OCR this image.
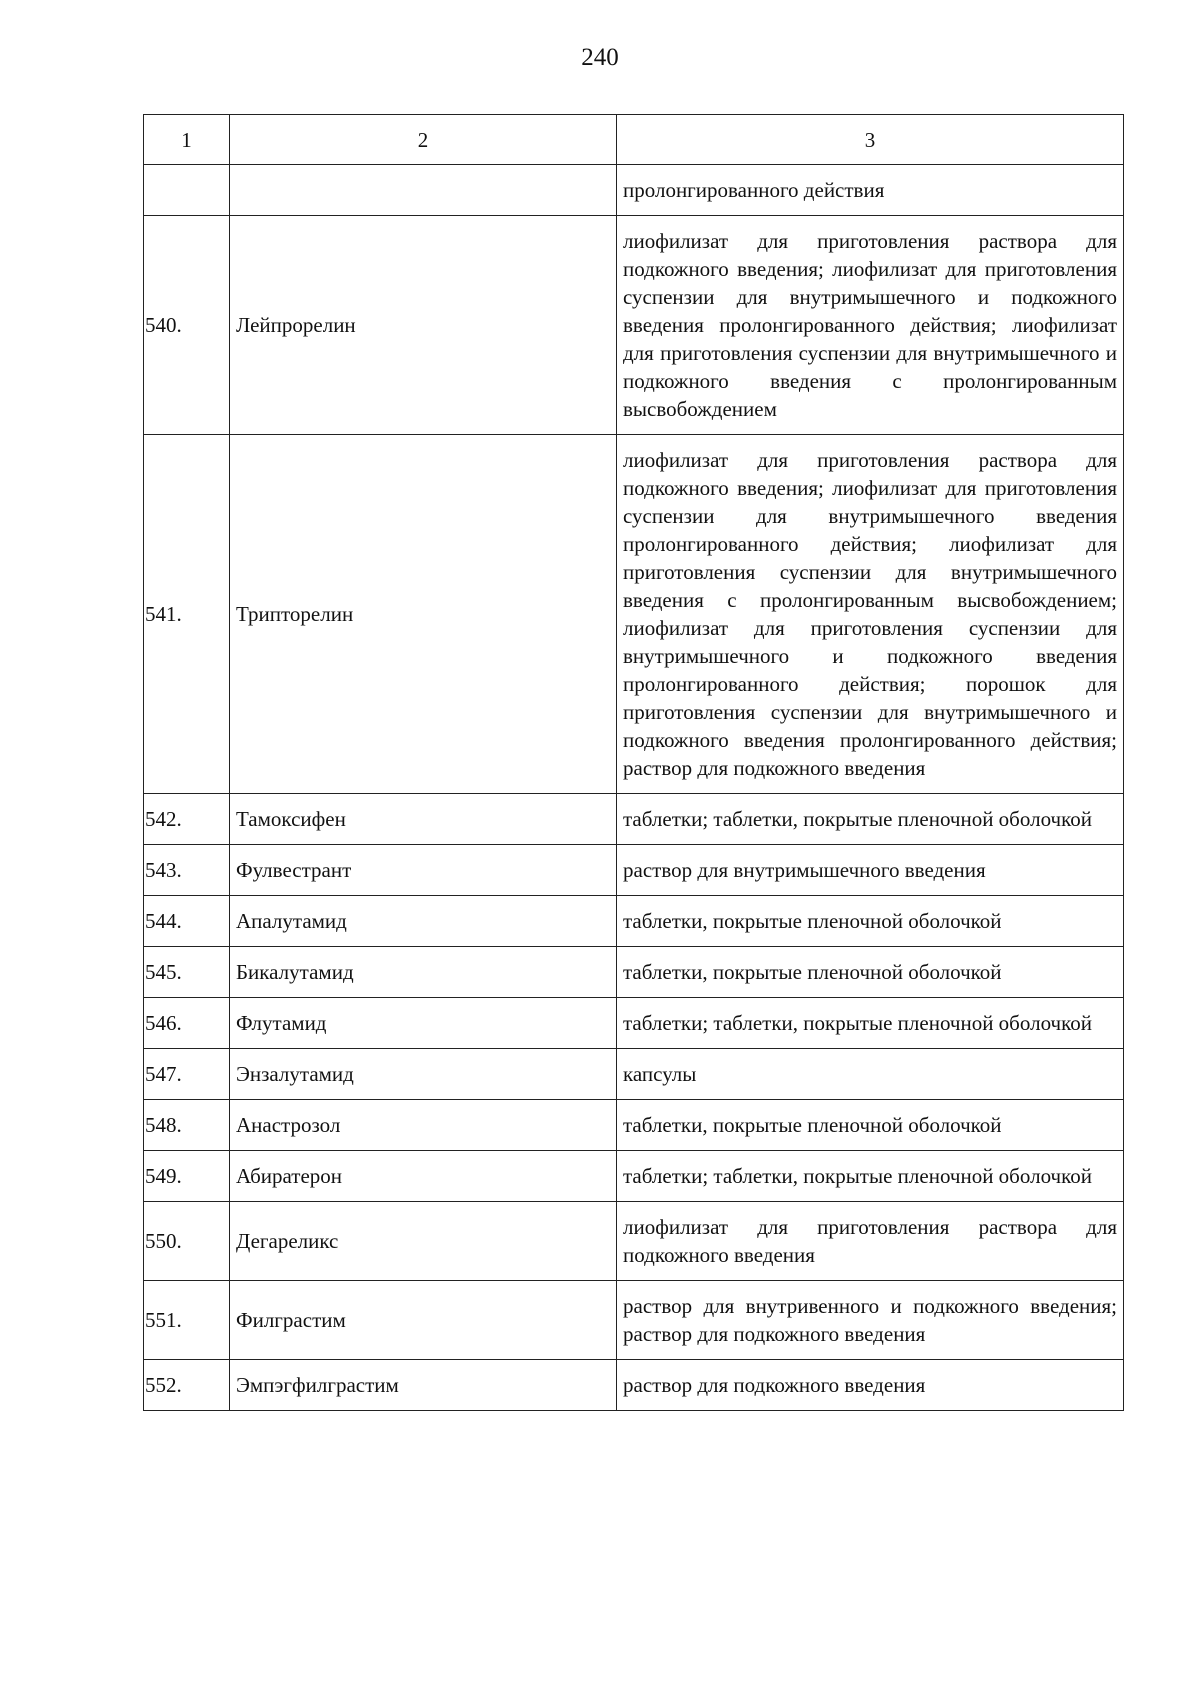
240
1	2	3
		пролонгированного действия
540.	Лейпрорелин	лиофилизат для приготовления раствора для подкожного введения; лиофилизат для приготовления суспензии для внутримышечного и подкожного введения пролонгированного действия; лиофилизат для приготовления суспензии для внутримышечного и подкожного введения с пролонгированным высвобождением
541.	Трипторелин	лиофилизат для приготовления раствора для подкожного введения; лиофилизат для приготовления суспензии для внутримышечного введения пролонгированного действия; лиофилизат для приготовления суспензии для внутримышечного введения с пролонгированным высвобождением; лиофилизат для приготовления суспензии для внутримышечного и подкожного введения пролонгированного действия; порошок для приготовления суспензии для внутримышечного и подкожного введения пролонгированного действия; раствор для подкожного введения
542.	Тамоксифен	таблетки; таблетки, покрытые пленочной оболочкой
543.	Фулвестрант	раствор для внутримышечного введения
544.	Апалутамид	таблетки, покрытые пленочной оболочкой
545.	Бикалутамид	таблетки, покрытые пленочной оболочкой
546.	Флутамид	таблетки; таблетки, покрытые пленочной оболочкой
547.	Энзалутамид	капсулы
548.	Анастрозол	таблетки, покрытые пленочной оболочкой
549.	Абиратерон	таблетки; таблетки, покрытые пленочной оболочкой
550.	Дегареликс	лиофилизат для приготовления раствора для подкожного введения
551.	Филграстим	раствор для внутривенного и подкожного введения; раствор для подкожного введения
552.	Эмпэгфилграстим	раствор для подкожного введения
